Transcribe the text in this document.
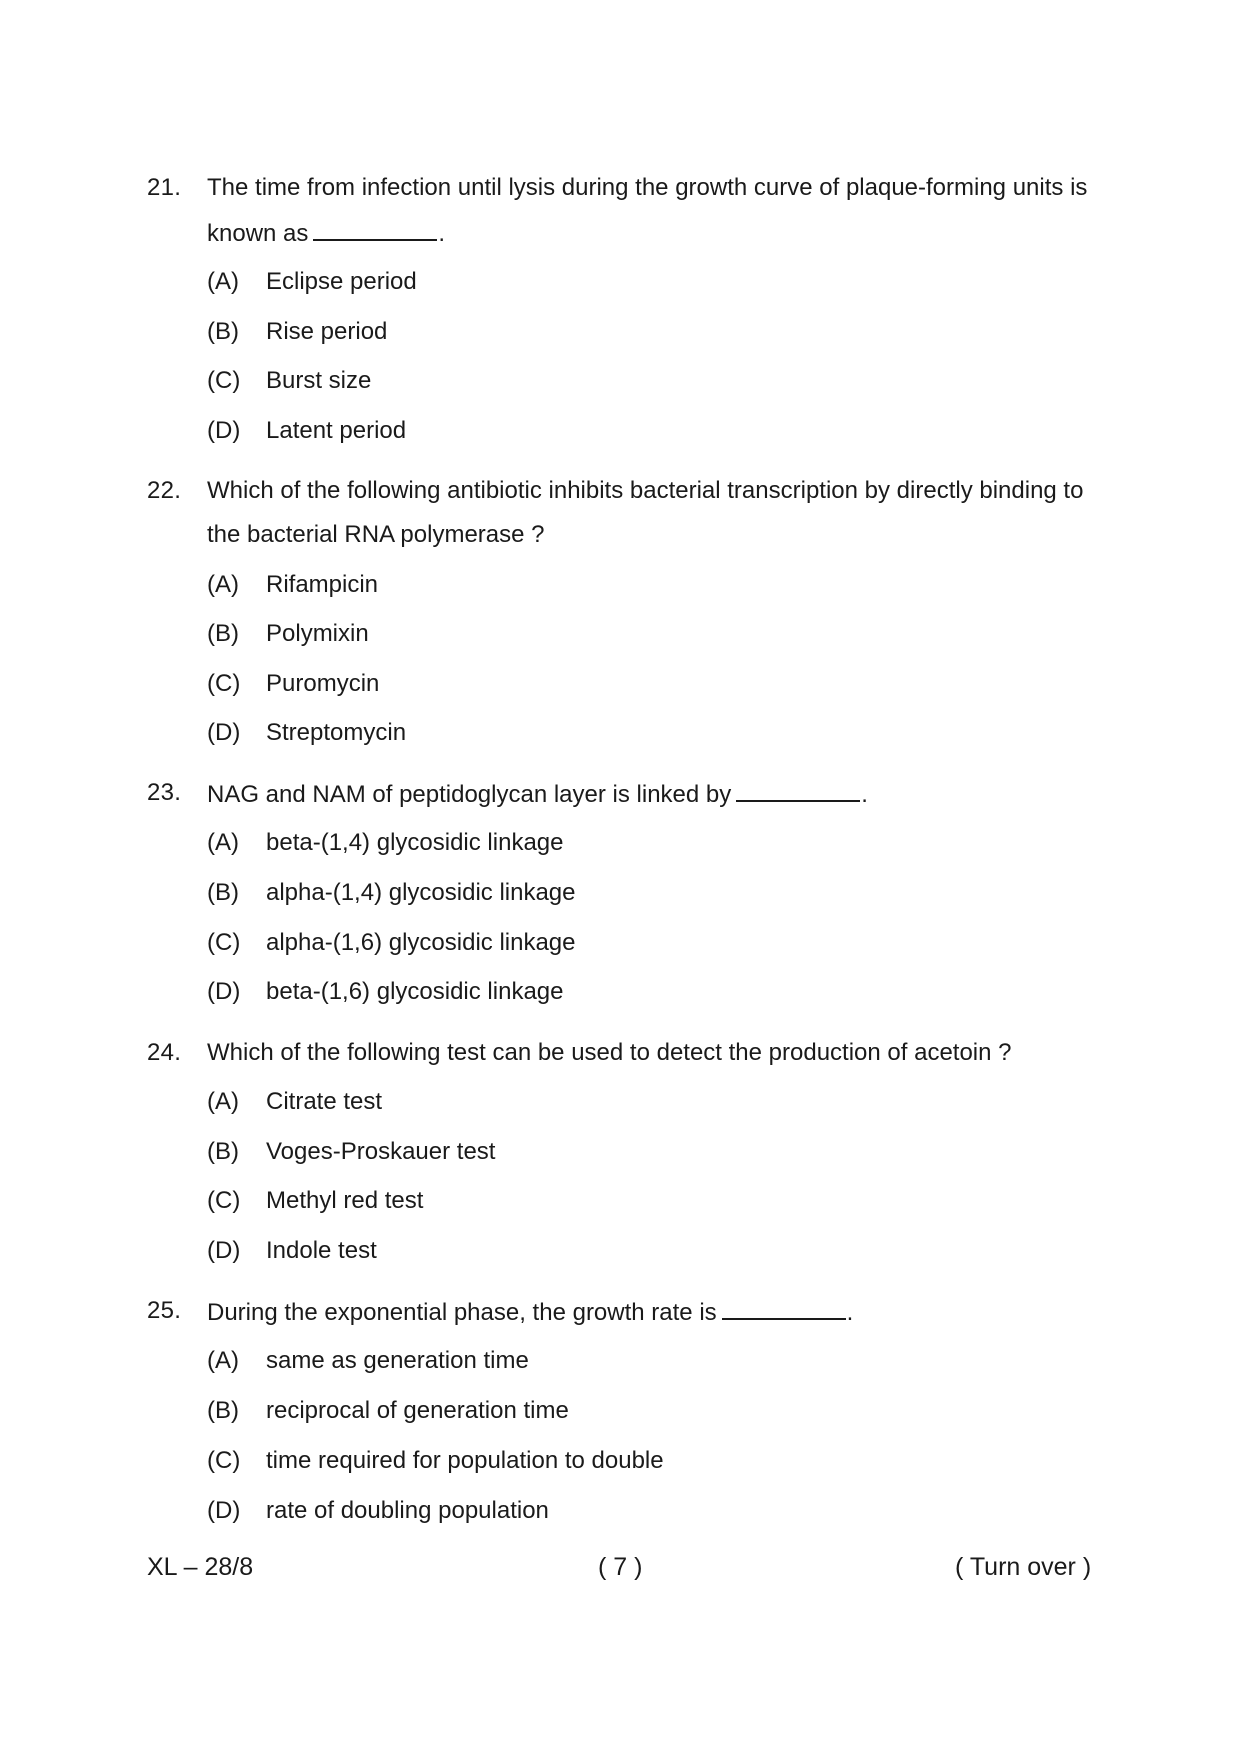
21. The time from infection until lysis during the growth curve of plaque-forming units is
known as	.
(A) Eclipse period
(B) Rise period
(C) Burst size
(D) Latent period
22. Which of the following antibiotic inhibits bacterial transcription by directly binding to
the bacterial RNA polymerase ?
(A) Rifampicin
(B) Polymixin
(C) Puromycin
(D) Streptomycin
23. NAG and NAM of peptidoglycan layer is linked by	.
(A) beta-(1,4) glycosidic linkage
(B) alpha-(1,4) glycosidic linkage
(C) alpha-(1,6) glycosidic linkage
(D) beta-(1,6) glycosidic linkage
24. Which of the following test can be used to detect the production of acetoin ?
(A) Citrate test
(B) Voges-Proskauer test
(C) Methyl red test
(D) Indole test
25. During the exponential phase, the growth rate is	.
(A) same as generation time
(B) reciprocal of generation time
(C) time required for population to double
(D) rate of doubling population
XL – 28/8	( 7 )	( Turn over )
